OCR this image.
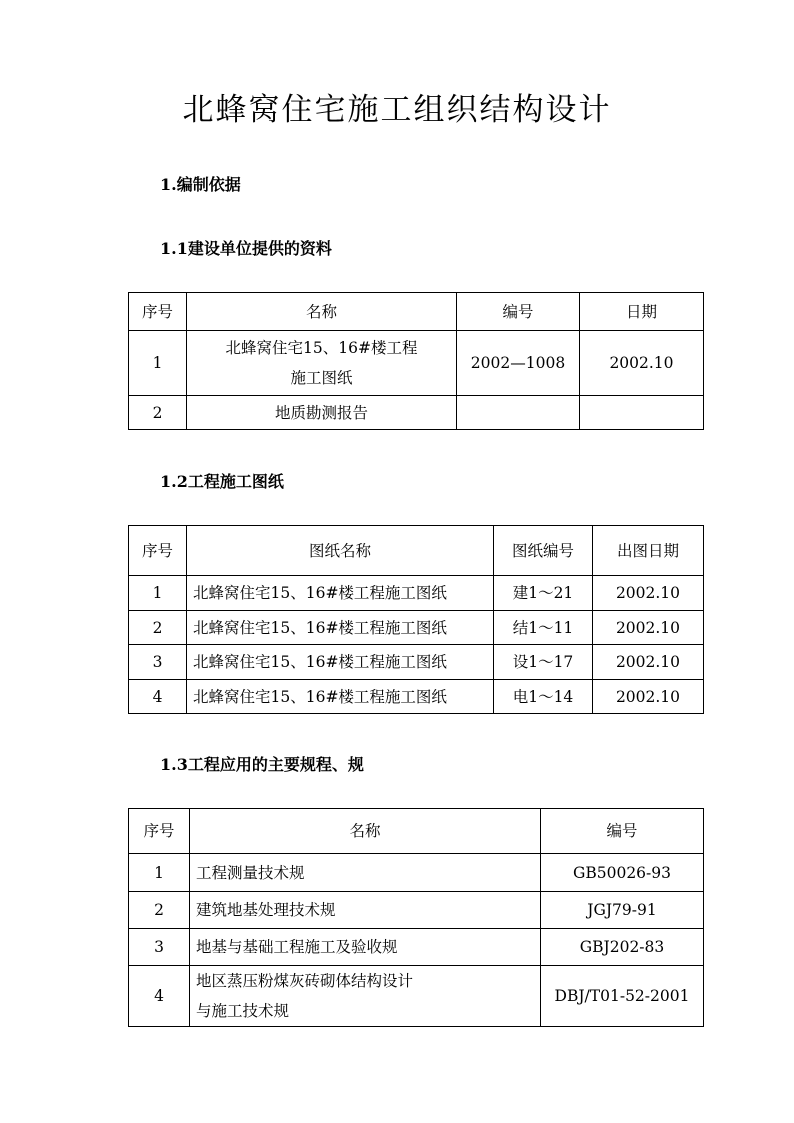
北蜂窝住宅施工组织结构设计

1.编制依据

1.1建设单位提供的资料

序号	名称	编号	日期
1	北蜂窝住宅15、16#楼工程
施工图纸	2002—1008	2002.10
2	地质勘测报告		

1.2工程施工图纸

序号	图纸名称	图纸编号	出图日期
1	北蜂窝住宅15、16#楼工程施工图纸	建1～21	2002.10
2	北蜂窝住宅15、16#楼工程施工图纸	结1～11	2002.10
3	北蜂窝住宅15、16#楼工程施工图纸	设1～17	2002.10
4	北蜂窝住宅15、16#楼工程施工图纸	电1～14	2002.10

1.3工程应用的主要规程、规

序号	名称	编号
1	工程测量技术规	GB50026-93
2	建筑地基处理技术规	JGJ79-91
3	地基与基础工程施工及验收规	GBJ202-83
4	地区蒸压粉煤灰砖砌体结构设计
与施工技术规	DBJ/T01-52-2001
